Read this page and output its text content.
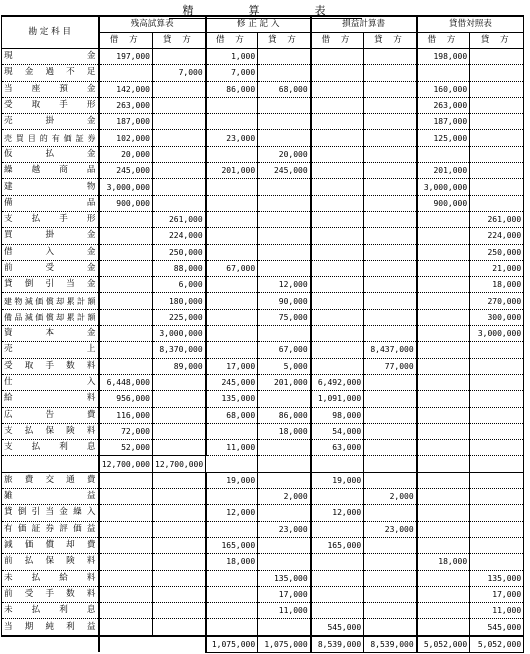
精　算　表
勘 定 科 目	残高試算表		修 正 記 入		損益計算書		貸借対照表	
	借 方	貸 方	借 方	貸 方	借 方	貸 方	借 方	貸 方
現金	197,000		1,000				198,000	
現金過不足		7,000	7,000					
当座預金	142,000		86,000	68,000			160,000	
受取手形	263,000						263,000	
売掛金	187,000						187,000	
売買目的有価証券	102,000		23,000				125,000	
仮払金	20,000			20,000				
繰越商品	245,000		201,000	245,000			201,000	
建物	3,000,000						3,000,000	
備品	900,000						900,000	
支払手形		261,000						261,000
買掛金		224,000						224,000
借入金		250,000						250,000
前受金		88,000	67,000					21,000
貸倒引当金		6,000		12,000				18,000
建物減価償却累計額		180,000		90,000				270,000
備品減価償却累計額		225,000		75,000				300,000
資本金		3,000,000						3,000,000
売上		8,370,000		67,000		8,437,000		
受取手数料		89,000	17,000	5,000		77,000		
仕入	6,448,000		245,000	201,000	6,492,000			
給料	956,000		135,000		1,091,000			
広告費	116,000		68,000	86,000	98,000			
支払保険料	72,000			18,000	54,000			
支払利息	52,000		11,000		63,000			
	12,700,000	12,700,000						
旅費交通費			19,000		19,000			
雑益				2,000		2,000		
貸倒引当金繰入			12,000		12,000			
有価証券評価益				23,000		23,000		
減価償却費			165,000		165,000			
前払保険料			18,000				18,000	
未払給料				135,000				135,000
前受手数料				17,000				17,000
未払利息				11,000				11,000
当期純利益					545,000			545,000
			1,075,000	1,075,000	8,539,000	8,539,000	5,052,000	5,052,000
